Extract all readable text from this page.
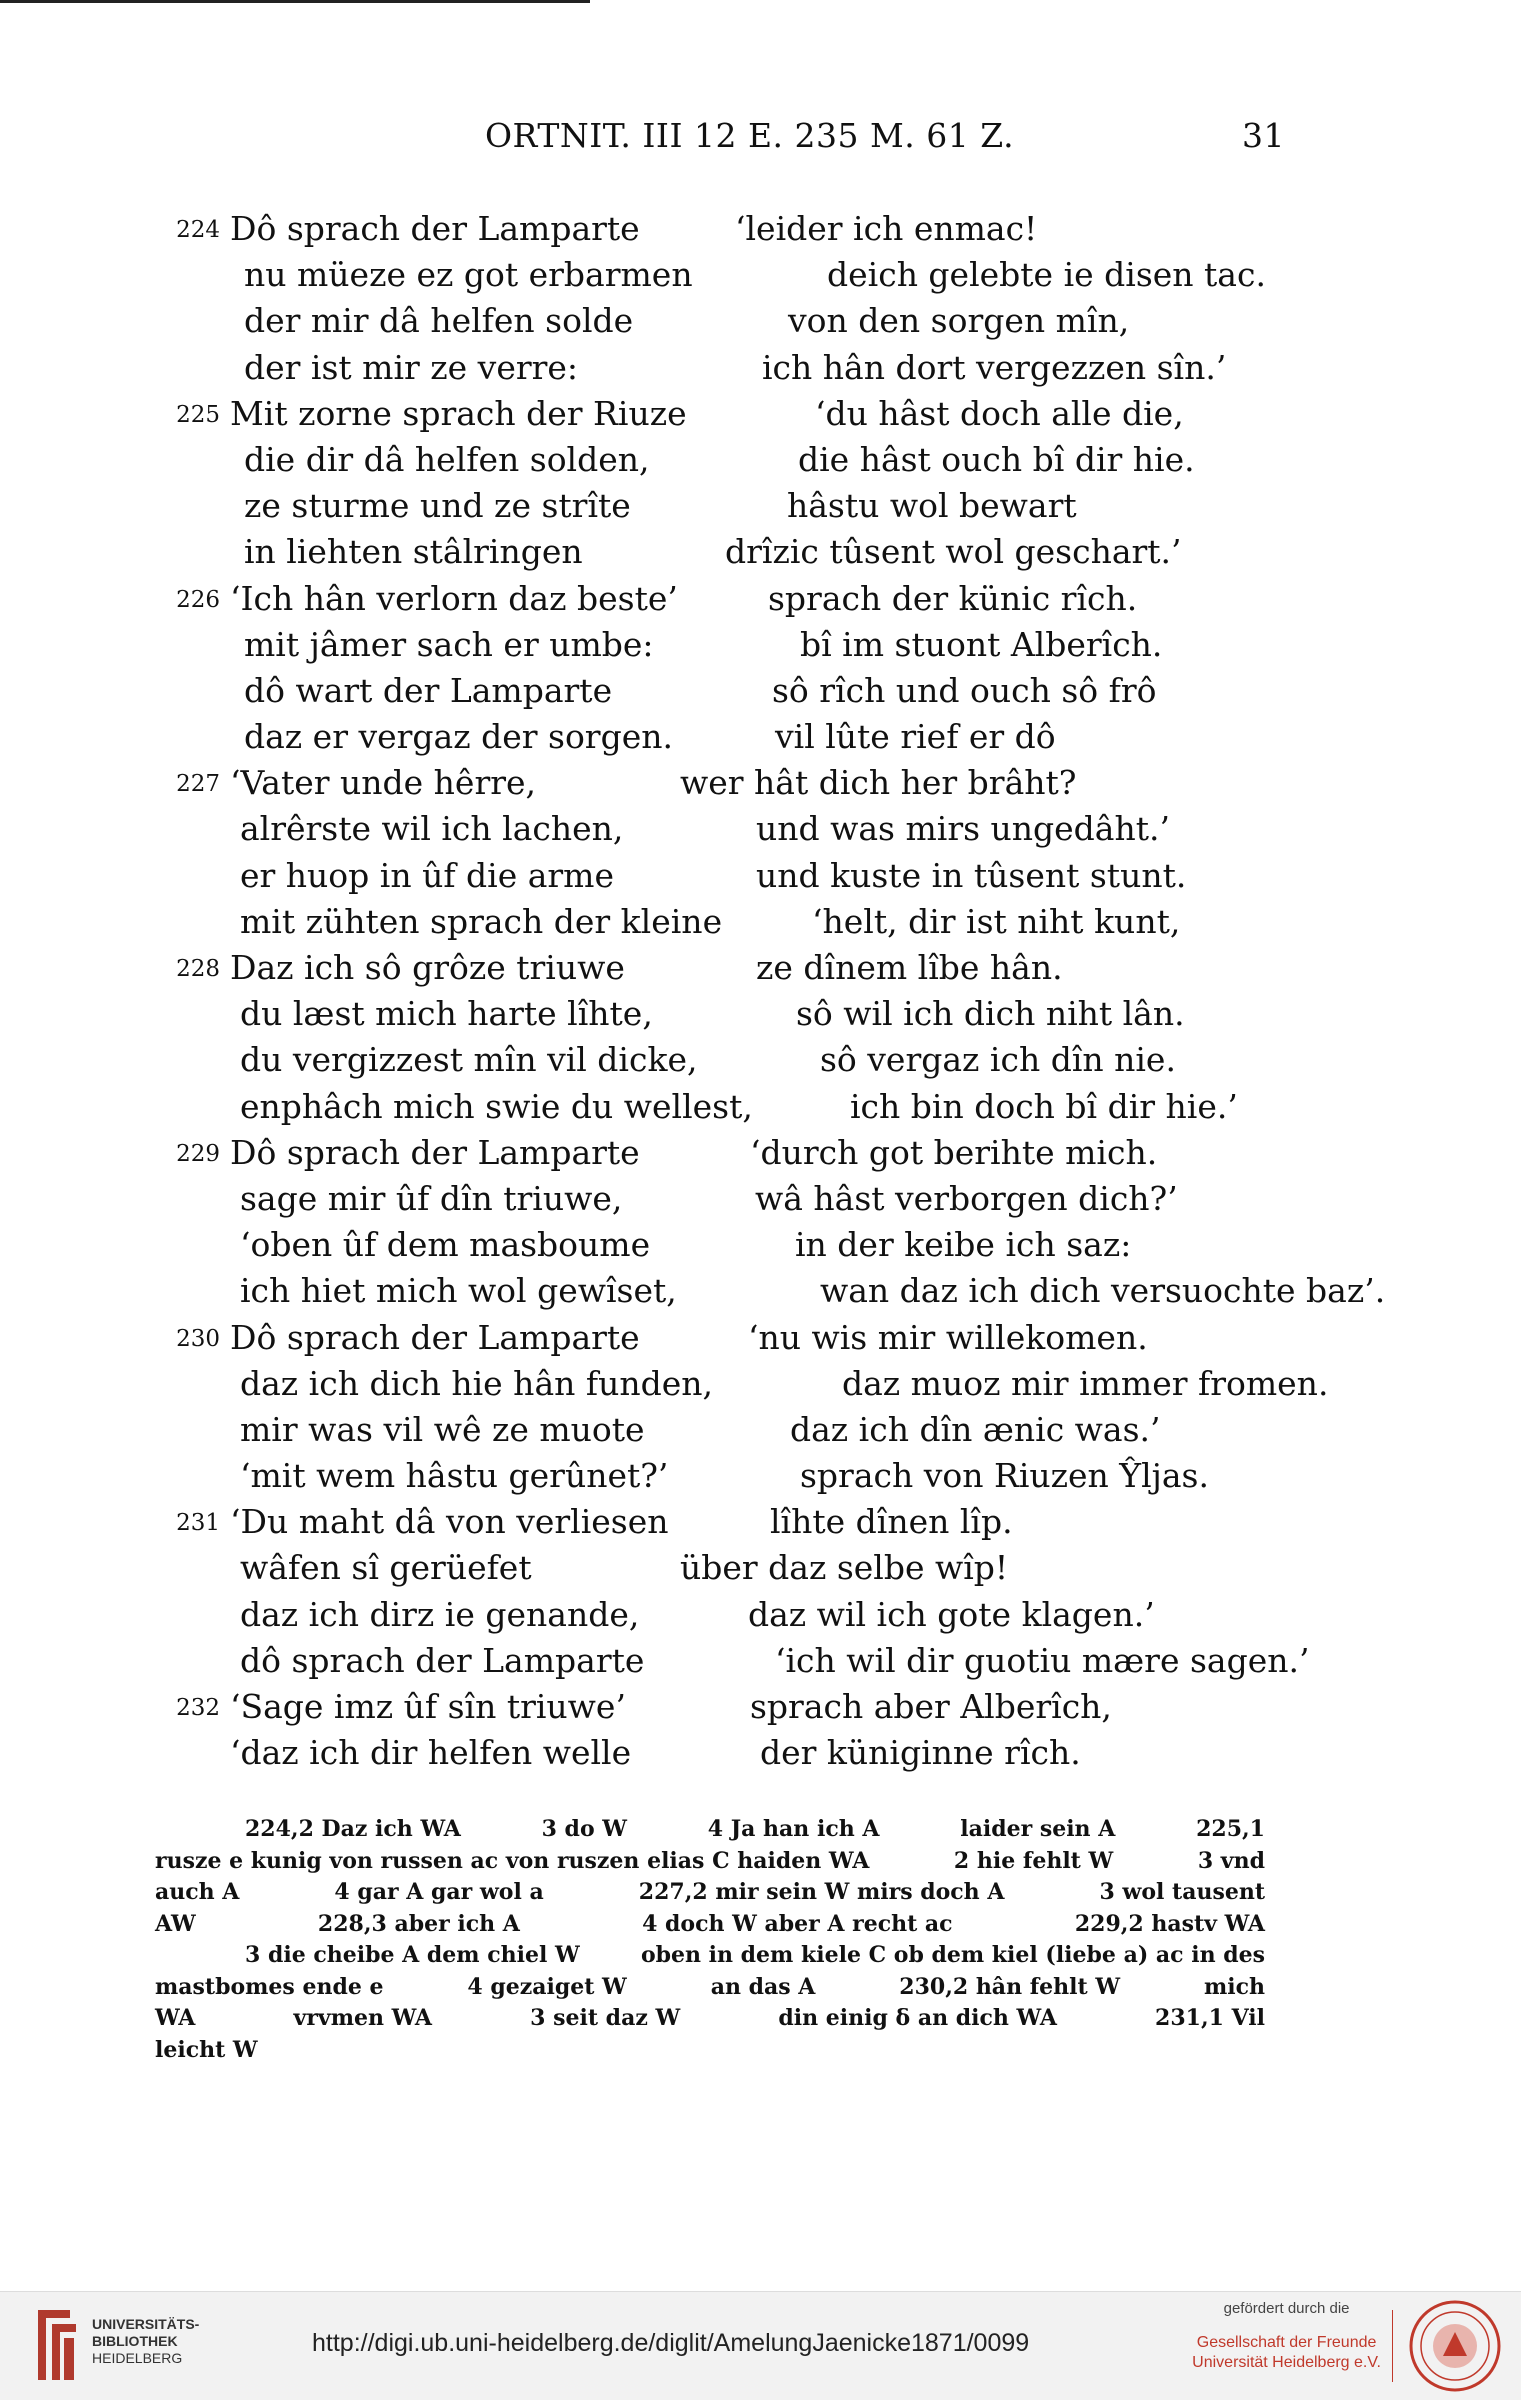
ORTNIT. III 12 E. 235 M. 61 Z.	31
224 Dô sprach der Lamparte	‘leider ich enmac!
nu müeze ez got erbarmen	deich gelebte ie disen tac.
der mir dâ helfen solde	von den sorgen mîn,
der ist mir ze verre:	ich hân dort vergezzen sîn.’
225 Mit zorne sprach der Riuze	‘du hâst doch alle die,
die dir dâ helfen solden,	die hâst ouch bî dir hie.
ze sturme und ze strîte	hâstu wol bewart
in liehten stâlringen	drîzic tûsent wol geschart.’
226 ‘Ich hân verlorn daz beste’	sprach der künic rîch.
mit jâmer sach er umbe:	bî im stuont Alberîch.
dô wart der Lamparte	sô rîch und ouch sô frô
daz er vergaz der sorgen.	vil lûte rief er dô
227 ‘Vater unde hêrre,	wer hât dich her brâht?
alrêrste wil ich lachen,	und was mirs ungedâht.’
er huop in ûf die arme	und kuste in tûsent stunt.
mit zühten sprach der kleine	‘helt, dir ist niht kunt,
228 Daz ich sô grôze triuwe	ze dînem lîbe hân.
du læst mich harte lîhte,	sô wil ich dich niht lân.
du vergizzest mîn vil dicke,	sô vergaz ich dîn nie.
enphâch mich swie du wellest,	ich bin doch bî dir hie.’
229 Dô sprach der Lamparte	‘durch got berihte mich.
sage mir ûf dîn triuwe,	wâ hâst verborgen dich?’
‘oben ûf dem masboume	in der keibe ich saz:
ich hiet mich wol gewîset,	wan daz ich dich versuochte baz’.
230 Dô sprach der Lamparte	‘nu wis mir willekomen.
daz ich dich hie hân funden,	daz muoz mir immer fromen.
mir was vil wê ze muote	daz ich dîn ænic was.’
‘mit wem hâstu gerûnet?’	sprach von Riuzen Ŷljas.
231 ‘Du maht dâ von verliesen	lîhte dînen lîp.
wâfen sî gerüefet	über daz selbe wîp!
daz ich dirz ie genande,	daz wil ich gote klagen.’
dô sprach der Lamparte	‘ich wil dir guotiu mære sagen.’
232 ‘Sage imz ûf sîn triuwe’	sprach aber Alberîch,
‘daz ich dir helfen welle	der küniginne rîch.
224,2 Daz ich WA	3 do W	4 Ja han ich A	laider sein A	225,1
rusze e kunig von russen ac von ruszen elias C haiden WA	2 hie fehlt W	3 vnd
auch A	4 gar A gar wol a	227,2 mir sein W mirs doch A	3 wol tausent
AW	228,3 aber ich A	4 doch W aber A recht ac	229,2 hastv WA
3 die cheibe A dem chiel W	oben in dem kiele C ob dem kiel (liebe a) ac in des
mastbomes ende e	4 gezaiget W	an das A	230,2 hân fehlt W	mich
WA	vrvmen WA	3 seit daz W	din einig δ an dich WA	231,1 Vil
leicht W
UNIVERSITÄTS-
BIBLIOTHEK
HEIDELBERG
http://digi.ub.uni-heidelberg.de/diglit/AmelungJaenicke1871/0099
gefördert durch die
Gesellschaft der Freunde
Universität Heidelberg e.V.
